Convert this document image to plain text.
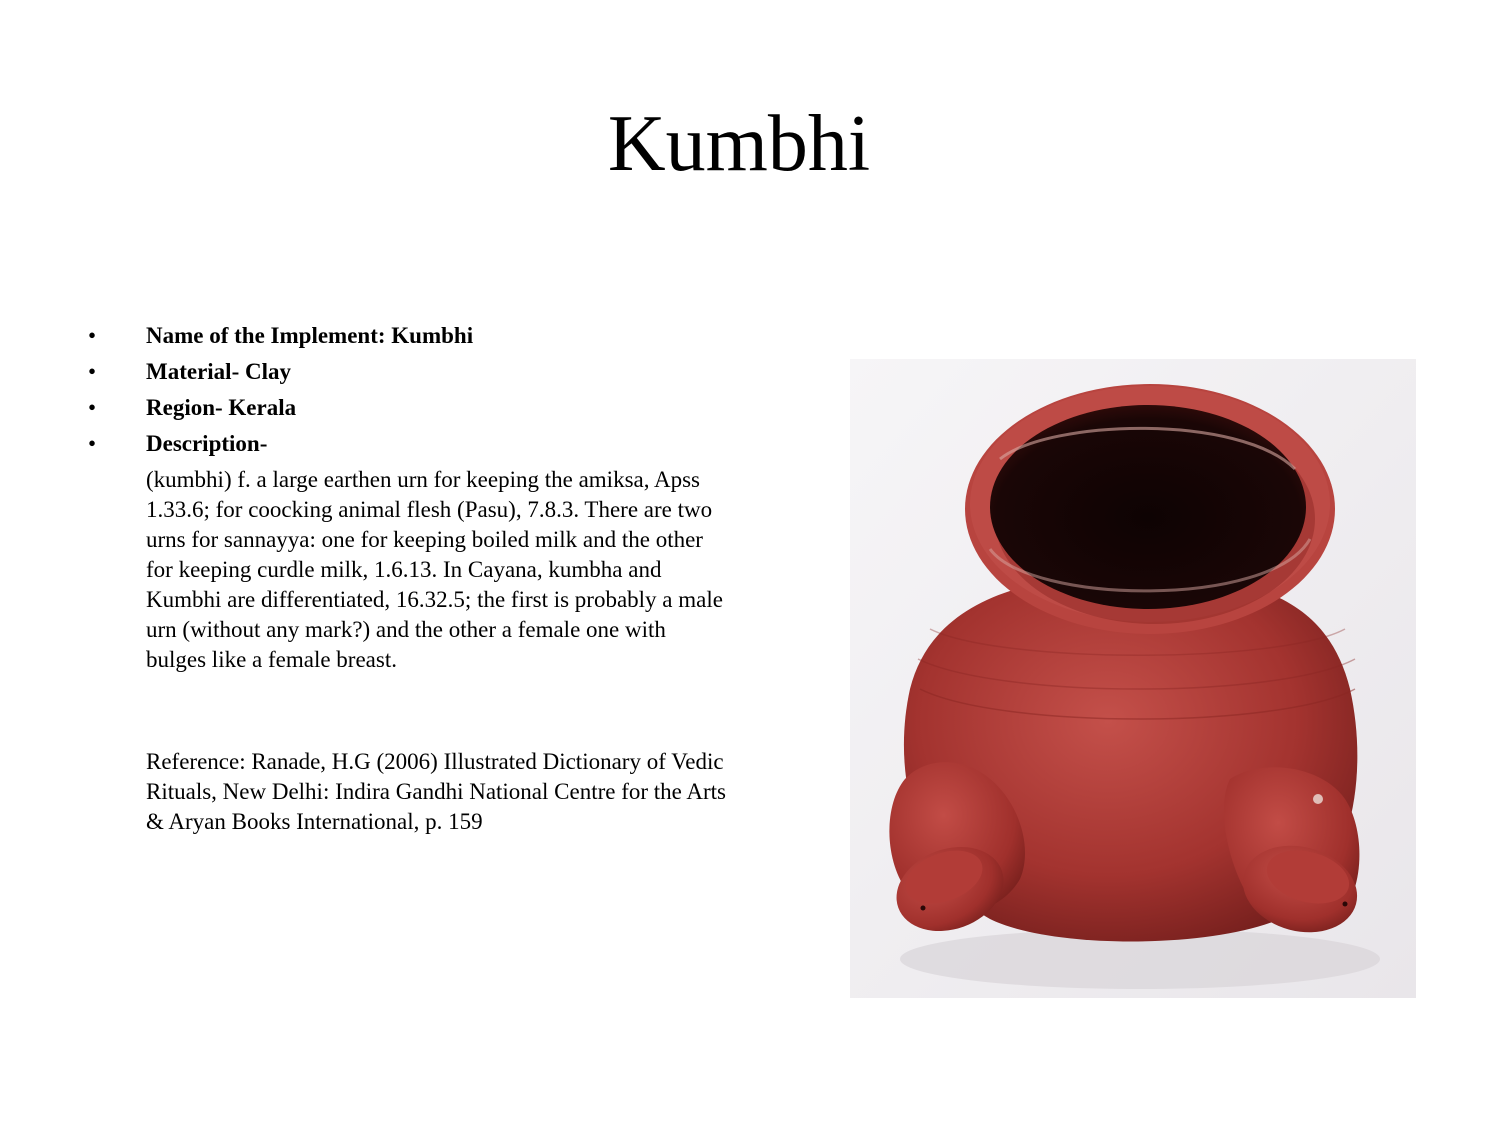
Kumbhi
• Name of the Implement: Kumbhi
• Material- Clay
• Region- Kerala
• Description-

(kumbhi) f. a large earthen urn for keeping the amiksa, Apss 1.33.6; for coocking animal flesh (Pasu), 7.8.3. There are two urns for sannayya: one for keeping boiled milk and the other for keeping curdle milk, 1.6.13. In Cayana, kumbha and Kumbhi are differentiated, 16.32.5; the first is probably a male urn (without any mark?) and the other a female one with bulges like a female breast.

Reference: Ranade, H.G (2006) Illustrated Dictionary of Vedic Rituals, New Delhi: Indira Gandhi National Centre for the Arts & Aryan Books International, p. 159
